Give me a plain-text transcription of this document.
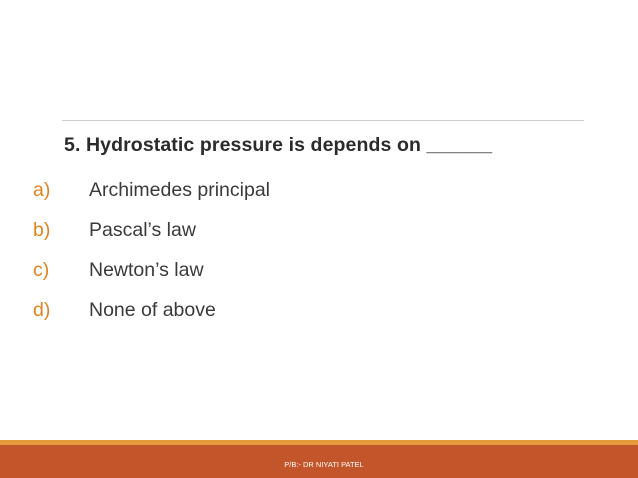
5. Hydrostatic pressure is depends on ______
a)	Archimedes principal
b)	Pascal’s law
c)	Newton’s law
d)	None of above
P/B:- DR NIYATI PATEL
